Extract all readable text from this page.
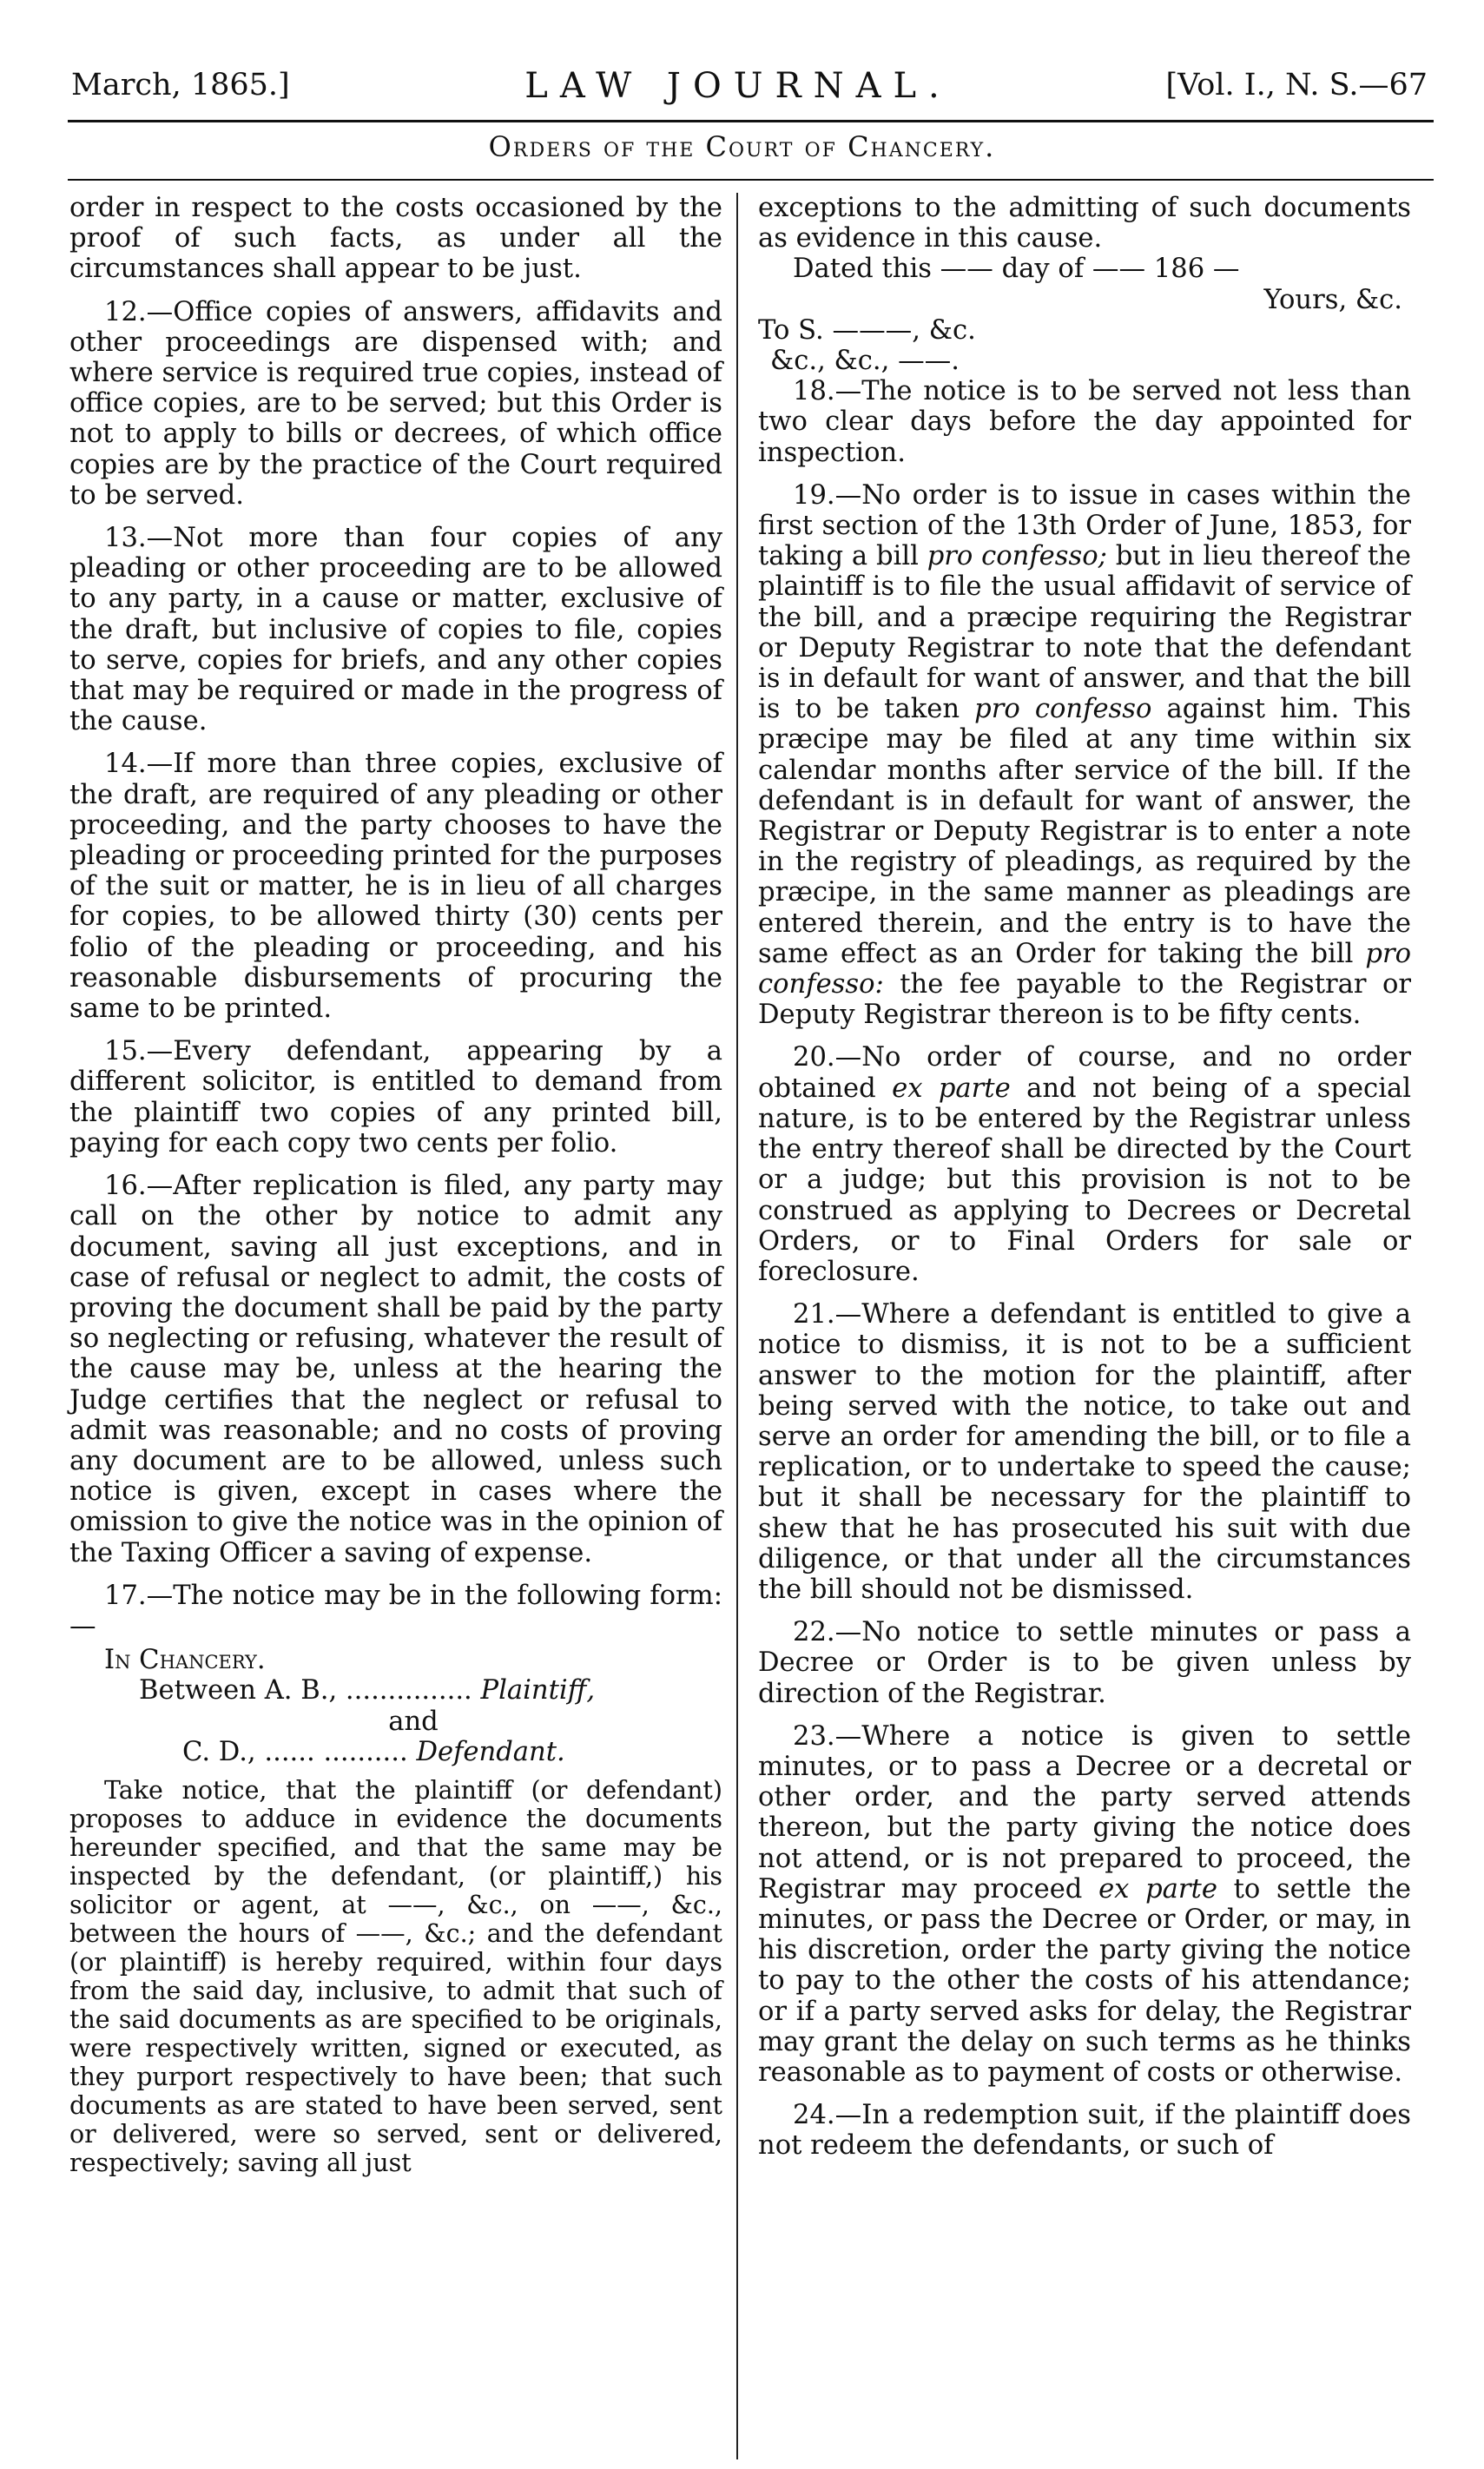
March, 1865.]	LAW JOURNAL.	[Vol. I., N. S.—67
Orders of the Court of Chancery.

order in respect to the costs occasioned by the proof of such facts, as under all the circumstances shall appear to be just.

12.—Office copies of answers, affidavits and other proceedings are dispensed with; and where service is required true copies, instead of office copies, are to be served; but this Order is not to apply to bills or decrees, of which office copies are by the practice of the Court required to be served.

13.—Not more than four copies of any pleading or other proceeding are to be allowed to any party, in a cause or matter, exclusive of the draft, but inclusive of copies to file, copies to serve, copies for briefs, and any other copies that may be required or made in the progress of the cause.

14.—If more than three copies, exclusive of the draft, are required of any pleading or other proceeding, and the party chooses to have the pleading or proceeding printed for the purposes of the suit or matter, he is in lieu of all charges for copies, to be allowed thirty (30) cents per folio of the pleading or proceeding, and his reasonable disbursements of procuring the same to be printed.

15.—Every defendant, appearing by a different solicitor, is entitled to demand from the plaintiff two copies of any printed bill, paying for each copy two cents per folio.

16.—After replication is filed, any party may call on the other by notice to admit any document, saving all just exceptions, and in case of refusal or neglect to admit, the costs of proving the document shall be paid by the party so neglecting or refusing, whatever the result of the cause may be, unless at the hearing the Judge certifies that the neglect or refusal to admit was reasonable; and no costs of proving any document are to be allowed, unless such notice is given, except in cases where the omission to give the notice was in the opinion of the Taxing Officer a saving of expense.

17.—The notice may be in the following form:—

In Chancery.

Between A. B., ............... Plaintiff,

and

C. D., ...... .......... Defendant.

Take notice, that the plaintiff (or defendant) proposes to adduce in evidence the documents hereunder specified, and that the same may be inspected by the defendant, (or plaintiff,) his solicitor or agent, at ——, &c., on ——, &c., between the hours of ——, &c.; and the defendant (or plaintiff) is hereby required, within four days from the said day, inclusive, to admit that such of the said documents as are specified to be originals, were respectively written, signed or executed, as they purport respectively to have been; that such documents as are stated to have been served, sent or delivered, were so served, sent or delivered, respectively; saving all just

exceptions to the admitting of such documents as evidence in this cause.

Dated this —— day of —— 186 —

Yours, &c.

To S. ———, &c.

&c., &c., ——.

18.—The notice is to be served not less than two clear days before the day appointed for inspection.

19.—No order is to issue in cases within the first section of the 13th Order of June, 1853, for taking a bill pro confesso; but in lieu thereof the plaintiff is to file the usual affidavit of service of the bill, and a præcipe requiring the Registrar or Deputy Registrar to note that the defendant is in default for want of answer, and that the bill is to be taken pro confesso against him. This præcipe may be filed at any time within six calendar months after service of the bill. If the defendant is in default for want of answer, the Registrar or Deputy Registrar is to enter a note in the registry of pleadings, as required by the præcipe, in the same manner as pleadings are entered therein, and the entry is to have the same effect as an Order for taking the bill pro confesso: the fee payable to the Registrar or Deputy Registrar thereon is to be fifty cents.

20.—No order of course, and no order obtained ex parte and not being of a special nature, is to be entered by the Registrar unless the entry thereof shall be directed by the Court or a judge; but this provision is not to be construed as applying to Decrees or Decretal Orders, or to Final Orders for sale or foreclosure.

21.—Where a defendant is entitled to give a notice to dismiss, it is not to be a sufficient answer to the motion for the plaintiff, after being served with the notice, to take out and serve an order for amending the bill, or to file a replication, or to undertake to speed the cause; but it shall be necessary for the plaintiff to shew that he has prosecuted his suit with due diligence, or that under all the circumstances the bill should not be dismissed.

22.—No notice to settle minutes or pass a Decree or Order is to be given unless by direction of the Registrar.

23.—Where a notice is given to settle minutes, or to pass a Decree or a decretal or other order, and the party served attends thereon, but the party giving the notice does not attend, or is not prepared to proceed, the Registrar may proceed ex parte to settle the minutes, or pass the Decree or Order, or may, in his discretion, order the party giving the notice to pay to the other the costs of his attendance; or if a party served asks for delay, the Registrar may grant the delay on such terms as he thinks reasonable as to payment of costs or otherwise.

24.—In a redemption suit, if the plaintiff does not redeem the defendants, or such of
